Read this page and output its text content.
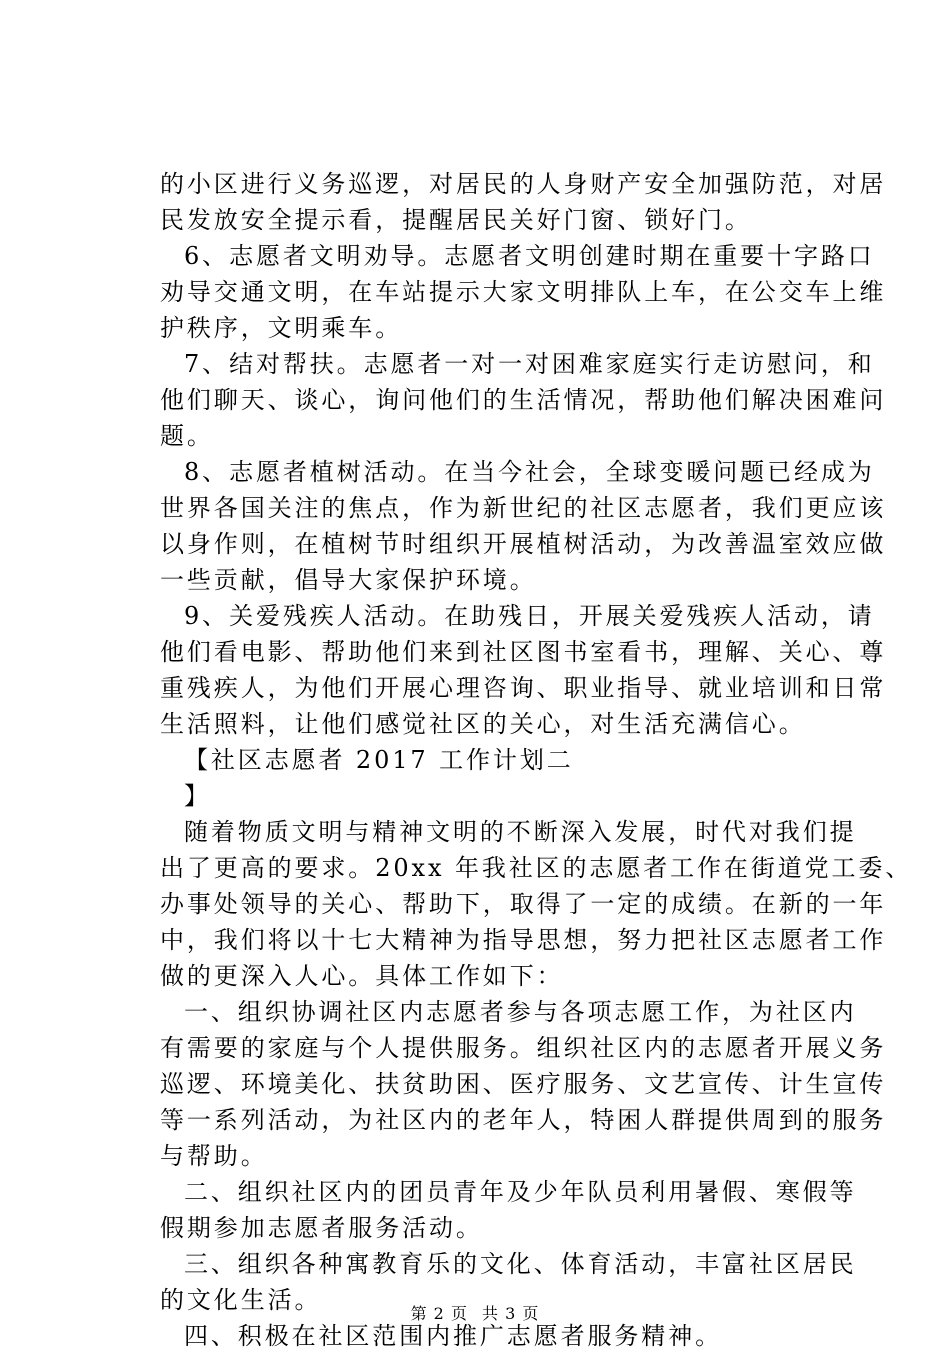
的小区进行义务巡逻，对居民的人身财产安全加强防范，对居
民发放安全提示看，提醒居民关好门窗、锁好门。
6、志愿者文明劝导。志愿者文明创建时期在重要十字路口
劝导交通文明，在车站提示大家文明排队上车，在公交车上维
护秩序，文明乘车。
7、结对帮扶。志愿者一对一对困难家庭实行走访慰问，和
他们聊天、谈心，询问他们的生活情况，帮助他们解决困难问
题。
8、志愿者植树活动。在当今社会，全球变暖问题已经成为
世界各国关注的焦点，作为新世纪的社区志愿者，我们更应该
以身作则，在植树节时组织开展植树活动，为改善温室效应做
一些贡献，倡导大家保护环境。
9、关爱残疾人活动。在助残日，开展关爱残疾人活动，请
他们看电影、帮助他们来到社区图书室看书，理解、关心、尊
重残疾人，为他们开展心理咨询、职业指导、就业培训和日常
生活照料，让他们感觉社区的关心，对生活充满信心。
【社区志愿者 2017 工作计划二
】
随着物质文明与精神文明的不断深入发展，时代对我们提
出了更高的要求。20xx 年我社区的志愿者工作在街道党工委、
办事处领导的关心、帮助下，取得了一定的成绩。在新的一年
中，我们将以十七大精神为指导思想，努力把社区志愿者工作
做的更深入人心。具体工作如下：
一、组织协调社区内志愿者参与各项志愿工作，为社区内
有需要的家庭与个人提供服务。组织社区内的志愿者开展义务
巡逻、环境美化、扶贫助困、医疗服务、文艺宣传、计生宣传
等一系列活动，为社区内的老年人，特困人群提供周到的服务
与帮助。
二、组织社区内的团员青年及少年队员利用暑假、寒假等
假期参加志愿者服务活动。
三、组织各种寓教育乐的文化、体育活动，丰富社区居民
的文化生活。
四、积极在社区范围内推广志愿者服务精神。
第 2 页 共 3 页
